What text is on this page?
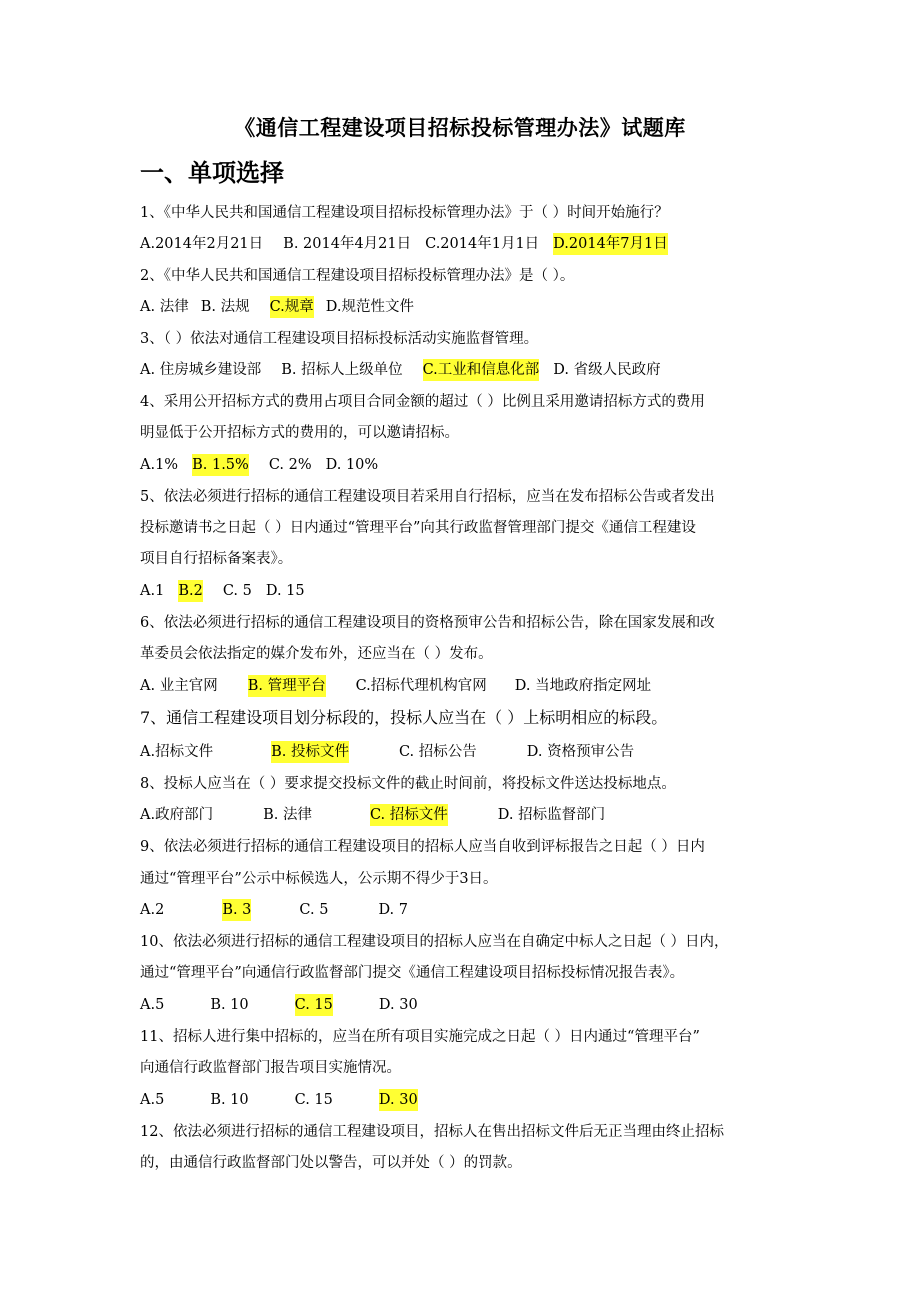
《通信工程建设项目招标投标管理办法》试题库
一、单项选择
1、《中华人民共和国通信工程建设项目招标投标管理办法》于（ ）时间开始施行？
A.2014年2月21日 B. 2014年4月21日 C.2014年1月1日 D.2014年7月1日
2、《中华人民共和国通信工程建设项目招标投标管理办法》是（ ）。
A. 法律 B. 法规 C.规章 D.规范性文件
3、（ ）依法对通信工程建设项目招标投标活动实施监督管理。
A. 住房城乡建设部 B. 招标人上级单位 C.工业和信息化部 D. 省级人民政府
4、采用公开招标方式的费用占项目合同金额的超过（ ）比例且采用邀请招标方式的费用
明显低于公开招标方式的费用的，可以邀请招标。
A.1% B. 1.5% C. 2% D. 10%
5、依法必须进行招标的通信工程建设项目若采用自行招标，应当在发布招标公告或者发出
投标邀请书之日起（ ）日内通过“管理平台”向其行政监督管理部门提交《通信工程建设
项目自行招标备案表》。
A.1 B.2 C. 5 D. 15
6、依法必须进行招标的通信工程建设项目的资格预审公告和招标公告，除在国家发展和改
革委员会依法指定的媒介发布外，还应当在（ ）发布。
A. 业主官网 B. 管理平台 C.招标代理机构官网 D. 当地政府指定网址
7、通信工程建设项目划分标段的，投标人应当在（ ）上标明相应的标段。
A.招标文件	B. 投标文件	C. 招标公告	D. 资格预审公告
8、投标人应当在（ ）要求提交投标文件的截止时间前，将投标文件送达投标地点。
A.政府部门	B. 法律	C. 招标文件	D. 招标监督部门
9、依法必须进行招标的通信工程建设项目的招标人应当自收到评标报告之日起（ ）日内
通过“管理平台”公示中标候选人，公示期不得少于3日。
A.2	B. 3	C. 5	D. 7
10、依法必须进行招标的通信工程建设项目的招标人应当在自确定中标人之日起（ ）日内，
通过“管理平台”向通信行政监督部门提交《通信工程建设项目招标投标情况报告表》。
A.5	B. 10	C. 15	D. 30
11、招标人进行集中招标的，应当在所有项目实施完成之日起（ ）日内通过“管理平台”
向通信行政监督部门报告项目实施情况。
A.5	B. 10	C. 15	D. 30
12、依法必须进行招标的通信工程建设项目，招标人在售出招标文件后无正当理由终止招标
的，由通信行政监督部门处以警告，可以并处（ ）的罚款。
